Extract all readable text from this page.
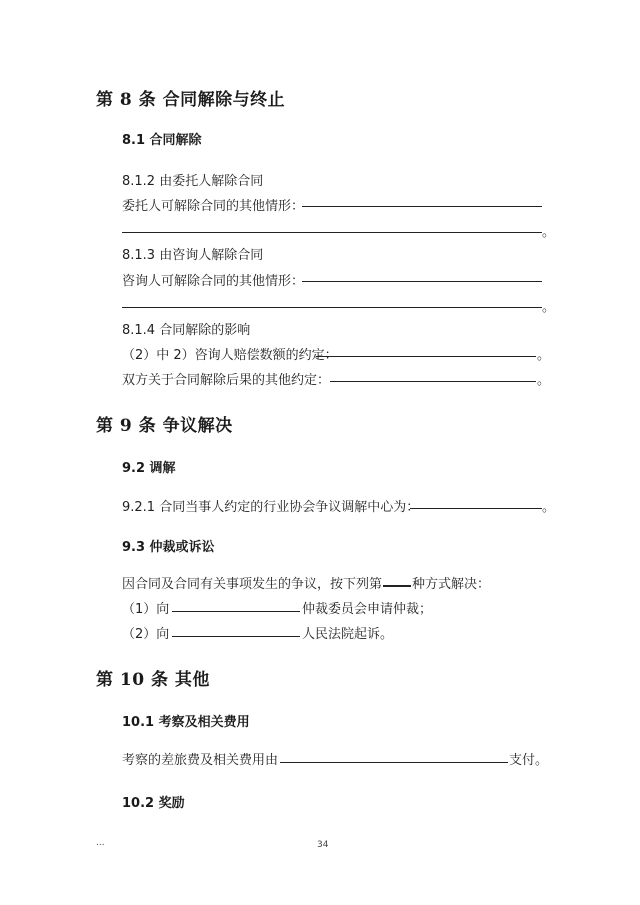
第 8 条 合同解除与终止
8.1 合同解除
8.1.2 由委托人解除合同
委托人可解除合同的其他情形：
。
8.1.3 由咨询人解除合同
咨询人可解除合同的其他情形：
。
8.1.4 合同解除的影响
（2）中 2）咨询人赔偿数额的约定：	。
双方关于合同解除后果的其他约定：	。
第 9 条 争议解决
9.2 调解
9.2.1 合同当事人约定的行业协会争议调解中心为：	。
9.3 仲裁或诉讼
因合同及合同有关事项发生的争议，按下列第 种方式解决：
（1）向	仲裁委员会申请仲裁；
（2）向	人民法院起诉。
第 10 条 其他
10.1 考察及相关费用
考察的差旅费及相关费用由	支付。
10.2 奖励
...	34
